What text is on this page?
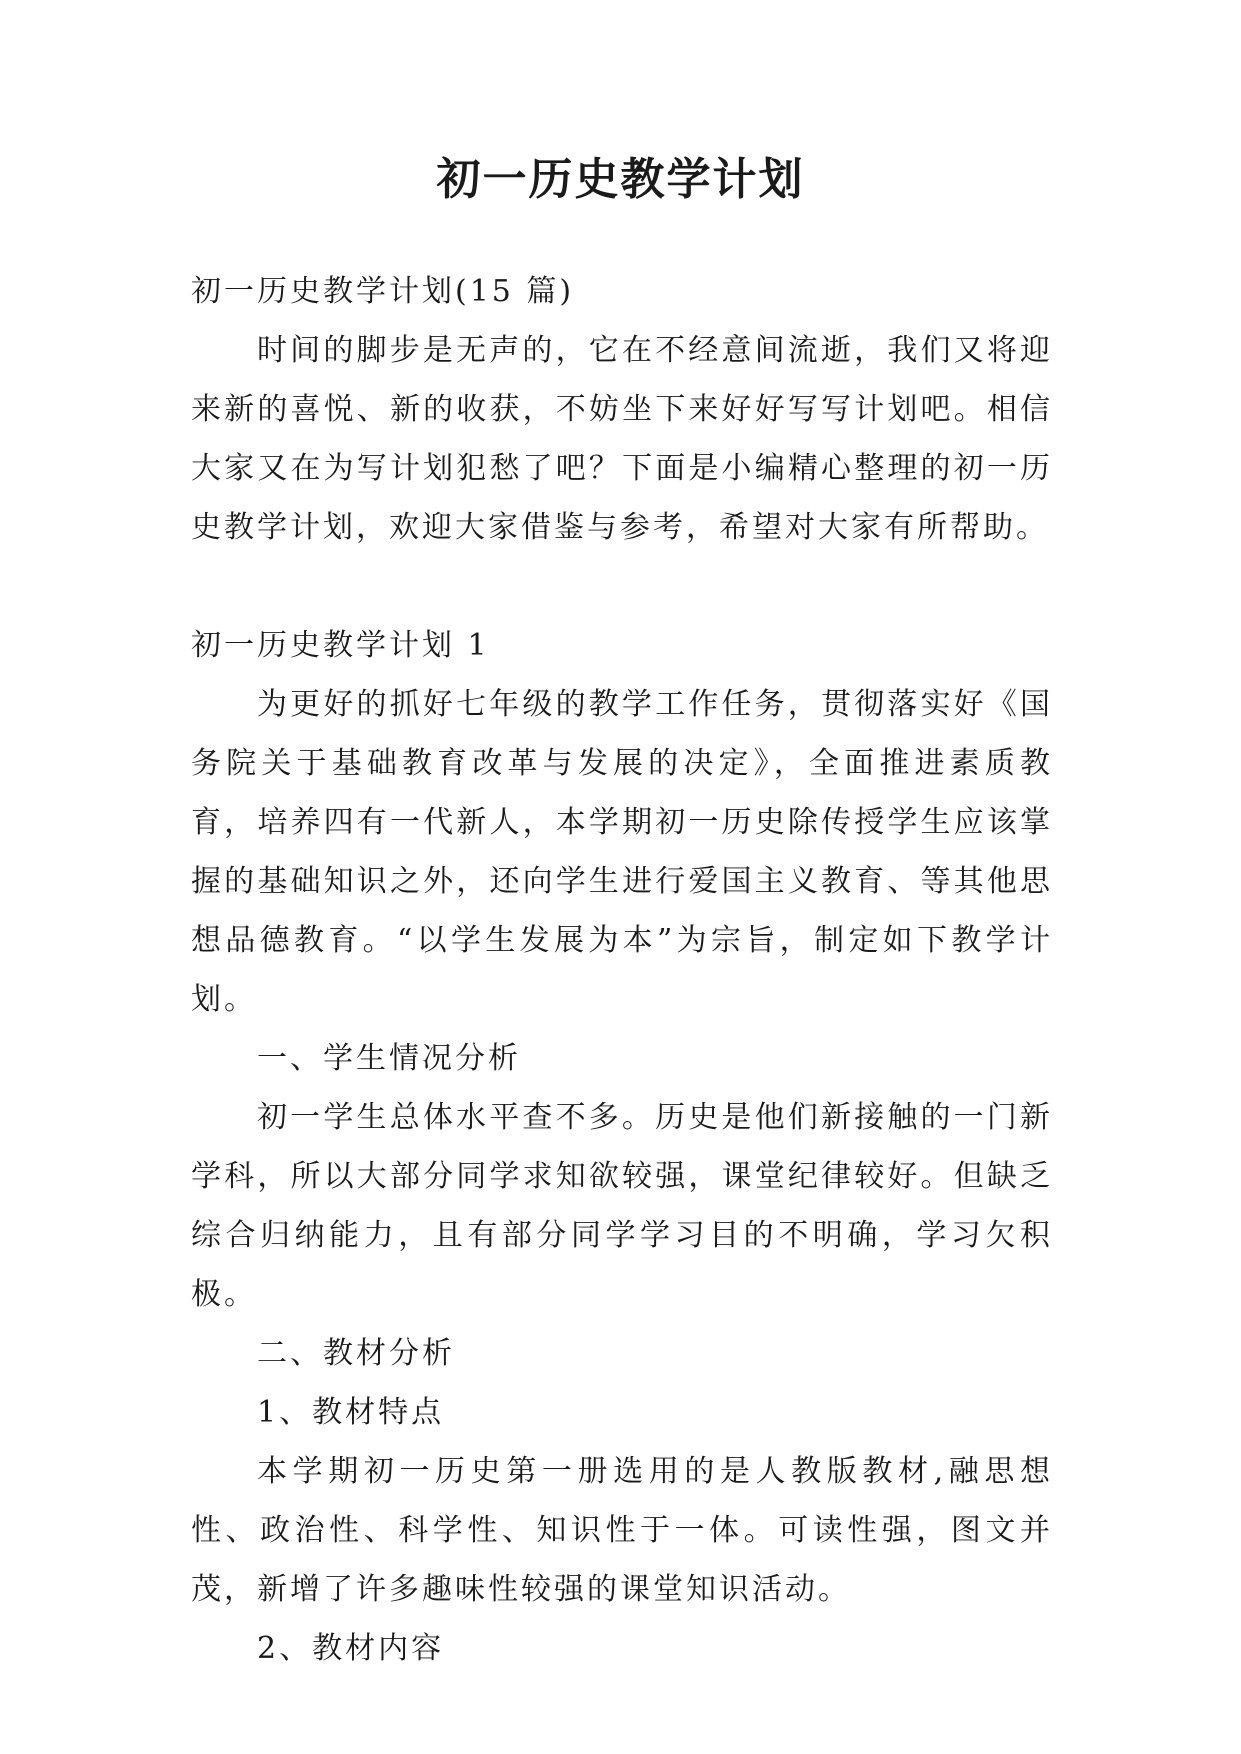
初一历史教学计划

初一历史教学计划(15 篇)

时间的脚步是无声的，它在不经意间流逝，我们又将迎来新的喜悦、新的收获，不妨坐下来好好写写计划吧。相信大家又在为写计划犯愁了吧？下面是小编精心整理的初一历史教学计划，欢迎大家借鉴与参考，希望对大家有所帮助。

初一历史教学计划 1

为更好的抓好七年级的教学工作任务，贯彻落实好《国务院关于基础教育改革与发展的决定》，全面推进素质教育，培养四有一代新人，本学期初一历史除传授学生应该掌握的基础知识之外，还向学生进行爱国主义教育、等其他思想品德教育。“以学生发展为本”为宗旨，制定如下教学计划。

一、学生情况分析

初一学生总体水平查不多。历史是他们新接触的一门新学科，所以大部分同学求知欲较强，课堂纪律较好。但缺乏综合归纳能力，且有部分同学学习目的不明确，学习欠积极。

二、教材分析

1、教材特点

本学期初一历史第一册选用的是人教版教材,融思想性、政治性、科学性、知识性于一体。可读性强，图文并茂，新增了许多趣味性较强的课堂知识活动。

2、教材内容
